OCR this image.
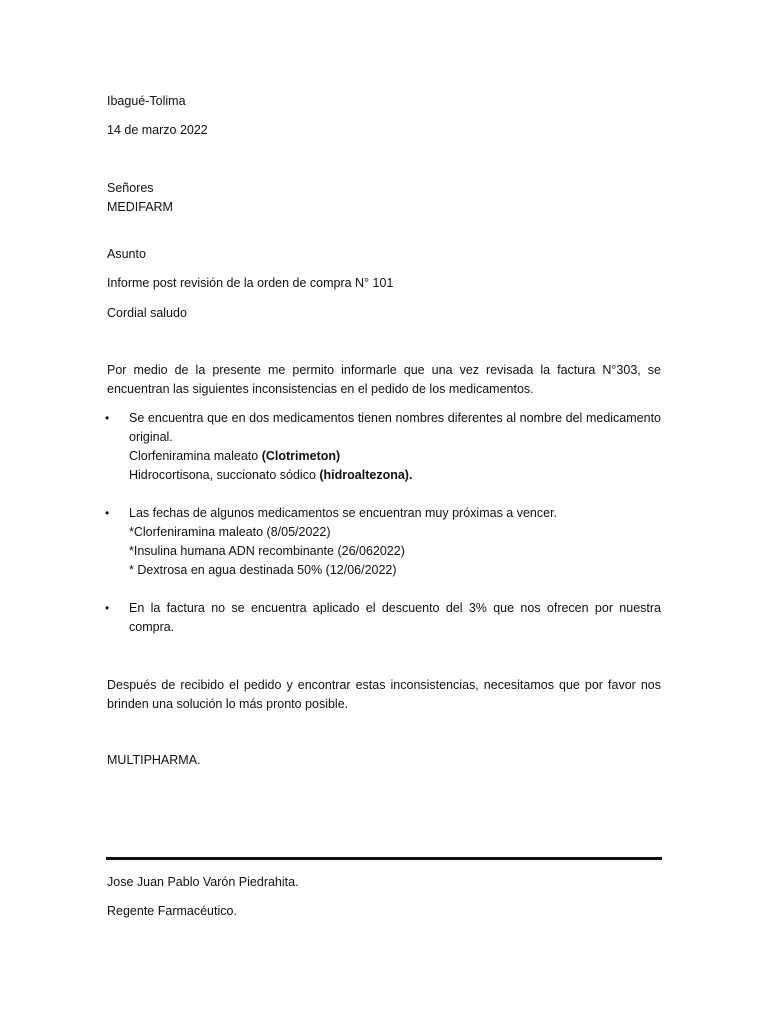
Ibagué-Tolima
14 de marzo 2022
Señores
MEDIFARM
Asunto
Informe post revisión de la orden de compra N° 101
Cordial saludo
Por medio de la presente me permito informarle que una vez revisada la factura N°303, se encuentran las siguientes inconsistencias en el pedido de los medicamentos.
• Se encuentra que en dos medicamentos tienen nombres diferentes al nombre del medicamento original.
Clorfeniramina maleato (Clotrimeton)
Hidrocortisona, succionato sódico (hidroaltezona).
• Las fechas de algunos medicamentos se encuentran muy próximas a vencer.
*Clorfeniramina maleato (8/05/2022)
*Insulina humana ADN recombinante (26/062022)
* Dextrosa en agua destinada 50% (12/06/2022)
• En la factura no se encuentra aplicado el descuento del 3% que nos ofrecen por nuestra compra.
Después de recibido el pedido y encontrar estas inconsistencias, necesitamos que por favor nos brinden una solución lo más pronto posible.
MULTIPHARMA.
Jose Juan Pablo Varón Piedrahita.
Regente Farmacéutico.
